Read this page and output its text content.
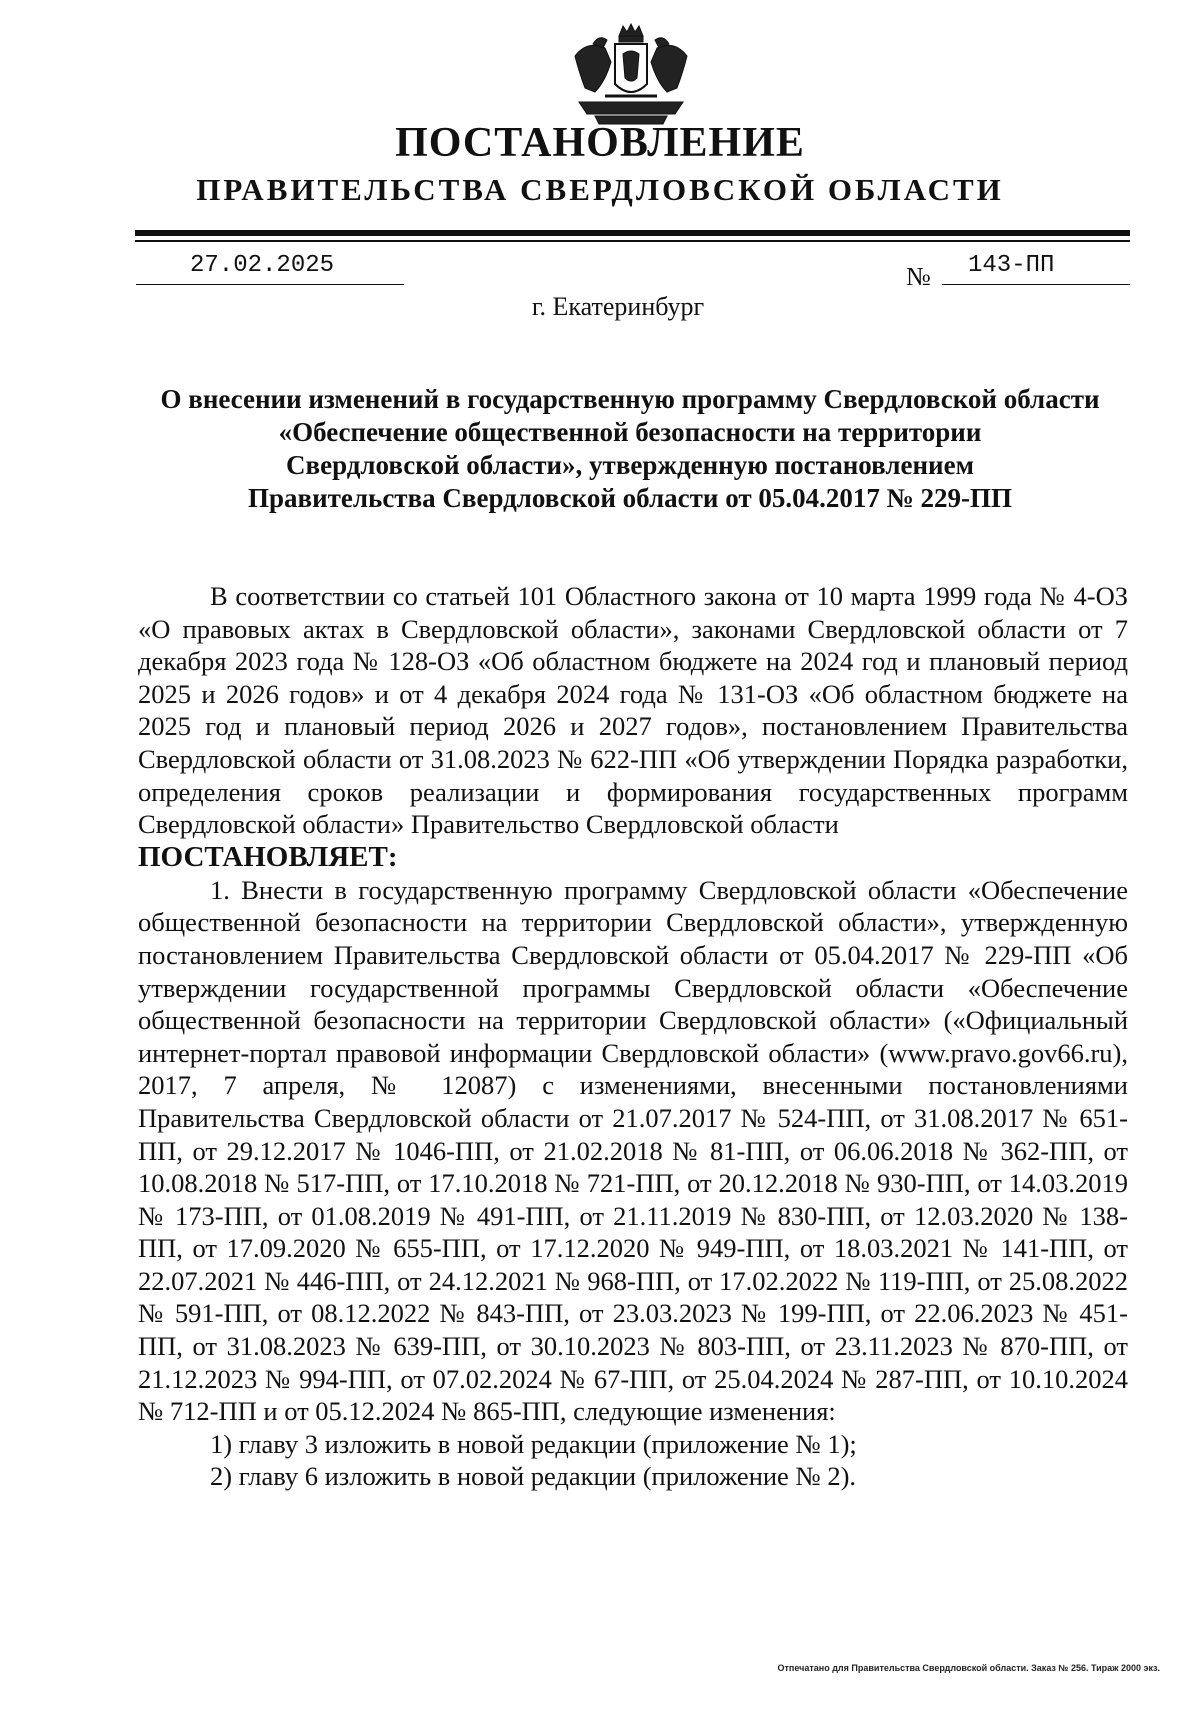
ПОСТАНОВЛЕНИЕ
ПРАВИТЕЛЬСТВА СВЕРДЛОВСКОЙ ОБЛАСТИ
27.02.2025	№ 143-ПП
г. Екатеринбург
О внесении изменений в государственную программу Свердловской области
«Обеспечение общественной безопасности на территории
Свердловской области», утвержденную постановлением
Правительства Свердловской области от 05.04.2017 № 229-ПП

В соответствии со статьей 101 Областного закона от 10 марта 1999 года № 4-ОЗ «О правовых актах в Свердловской области», законами Свердловской области от 7 декабря 2023 года № 128-ОЗ «Об областном бюджете на 2024 год и плановый период 2025 и 2026 годов» и от 4 декабря 2024 года № 131-ОЗ «Об областном бюджете на 2025 год и плановый период 2026 и 2027 годов», постановлением Правительства Свердловской области от 31.08.2023 № 622-ПП «Об утверждении Порядка разработки, определения сроков реализации и формирования государственных программ Свердловской области» Правительство Свердловской области

ПОСТАНОВЛЯЕТ:

1. Внести в государственную программу Свердловской области «Обеспечение общественной безопасности на территории Свердловской области», утвержденную постановлением Правительства Свердловской области от 05.04.2017 № 229-ПП «Об утверждении государственной программы Свердловской области «Обеспечение общественной безопасности на территории Свердловской области» («Официальный интернет-портал правовой информации Свердловской области» (www.pravo.gov66.ru), 2017, 7 апреля, № 12087) с изменениями, внесенными постановлениями Правительства Свердловской области от 21.07.2017 № 524-ПП, от 31.08.2017 № 651-ПП, от 29.12.2017 № 1046-ПП, от 21.02.2018 № 81-ПП, от 06.06.2018 № 362-ПП, от 10.08.2018 № 517-ПП, от 17.10.2018 № 721-ПП, от 20.12.2018 № 930-ПП, от 14.03.2019 № 173-ПП, от 01.08.2019 № 491-ПП, от 21.11.2019 № 830-ПП, от 12.03.2020 № 138-ПП, от 17.09.2020 № 655-ПП, от 17.12.2020 № 949-ПП, от 18.03.2021 № 141-ПП, от 22.07.2021 № 446-ПП, от 24.12.2021 № 968-ПП, от 17.02.2022 № 119-ПП, от 25.08.2022 № 591-ПП, от 08.12.2022 № 843-ПП, от 23.03.2023 № 199-ПП, от 22.06.2023 № 451-ПП, от 31.08.2023 № 639-ПП, от 30.10.2023 № 803-ПП, от 23.11.2023 № 870-ПП, от 21.12.2023 № 994-ПП, от 07.02.2024 № 67-ПП, от 25.04.2024 № 287-ПП, от 10.10.2024 № 712-ПП и от 05.12.2024 № 865-ПП, следующие изменения:

1) главу 3 изложить в новой редакции (приложение № 1);

2) главу 6 изложить в новой редакции (приложение № 2).

Отпечатано для Правительства Свердловской области. Заказ № 256. Тираж 2000 экз.
